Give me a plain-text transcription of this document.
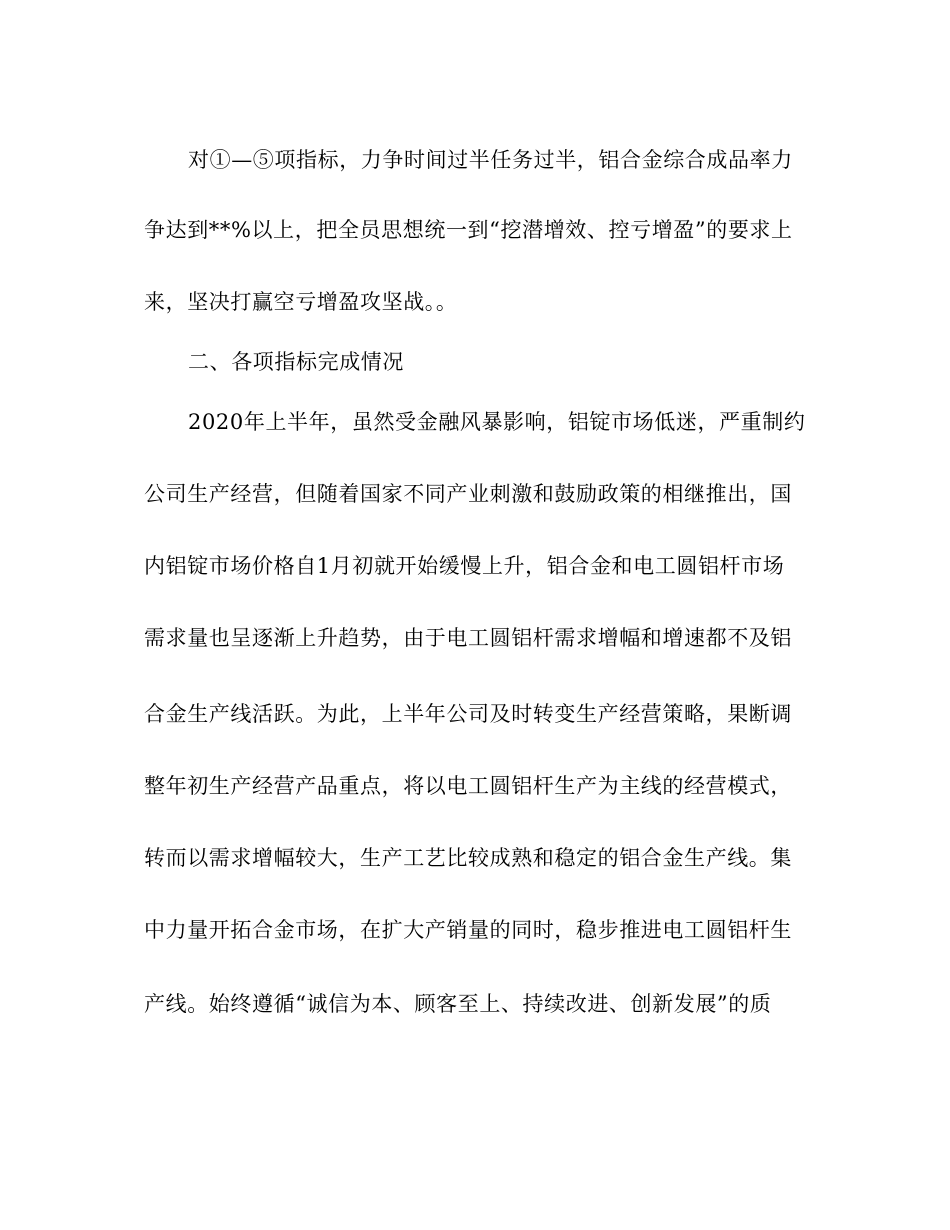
对①—⑤项指标，力争时间过半任务过半，铝合金综合成品率力
争达到**%以上，把全员思想统一到“挖潜增效、控亏增盈”的要求上
来，坚决打赢空亏增盈攻坚战。。
二、各项指标完成情况
2020年上半年，虽然受金融风暴影响，铝锭市场低迷，严重制约
公司生产经营，但随着国家不同产业刺激和鼓励政策的相继推出，国
内铝锭市场价格自1月初就开始缓慢上升，铝合金和电工圆铝杆市场
需求量也呈逐渐上升趋势，由于电工圆铝杆需求增幅和增速都不及铝
合金生产线活跃。为此，上半年公司及时转变生产经营策略，果断调
整年初生产经营产品重点，将以电工圆铝杆生产为主线的经营模式，
转而以需求增幅较大，生产工艺比较成熟和稳定的铝合金生产线。集
中力量开拓合金市场，在扩大产销量的同时，稳步推进电工圆铝杆生
产线。始终遵循“诚信为本、顾客至上、持续改进、创新发展”的质
